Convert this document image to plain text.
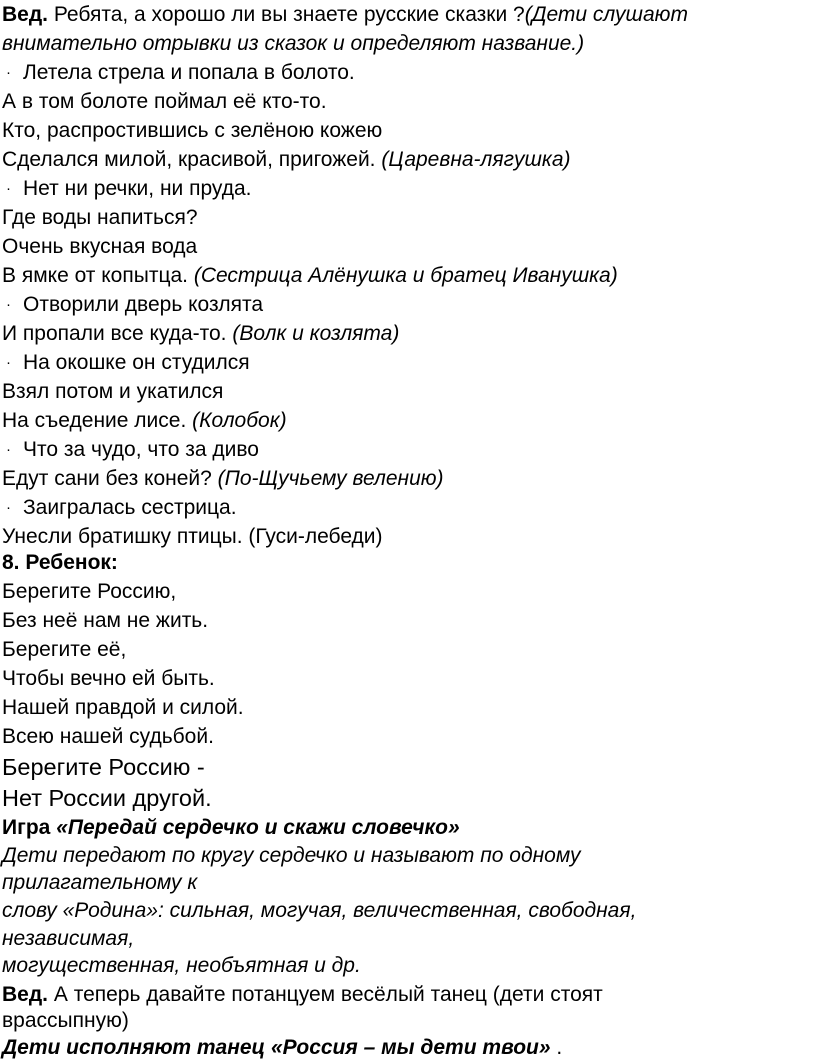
Вед. Ребята, а хорошо ли вы знаете русские сказки ?(Дети слушают
внимательно отрывки из сказок и определяют название.)
· Летела стрела и попала в болото.
А в том болоте поймал её кто-то.
Кто, распростившись с зелёною кожею
Сделался милой, красивой, пригожей. (Царевна-лягушка)
· Нет ни речки, ни пруда.
Где воды напиться?
Очень вкусная вода
В ямке от копытца. (Сестрица Алёнушка и братец Иванушка)
· Отворили дверь козлята
И пропали все куда-то. (Волк и козлята)
· На окошке он студился
Взял потом и укатился
На съедение лисе. (Колобок)
· Что за чудо, что за диво
Едут сани без коней? (По-Щучьему велению)
· Заигралась сестрица.
Унесли братишку птицы. (Гуси-лебеди)
8. Ребенок:
Берегите Россию,
Без неё нам не жить.
Берегите её,
Чтобы вечно ей быть.
Нашей правдой и силой.
Всею нашей судьбой.
Берегите Россию -
Нет России другой.
Игра «Передай сердечко и скажи словечко»
Дети передают по кругу сердечко и называют по одному
прилагательному к
слову «Родина»: сильная, могучая, величественная, свободная,
независимая,
могущественная, необъятная и др.
Вед. А теперь давайте потанцуем весёлый танец (дети стоят
врассыпную)
Дети исполняют танец «Россия – мы дети твои» .
